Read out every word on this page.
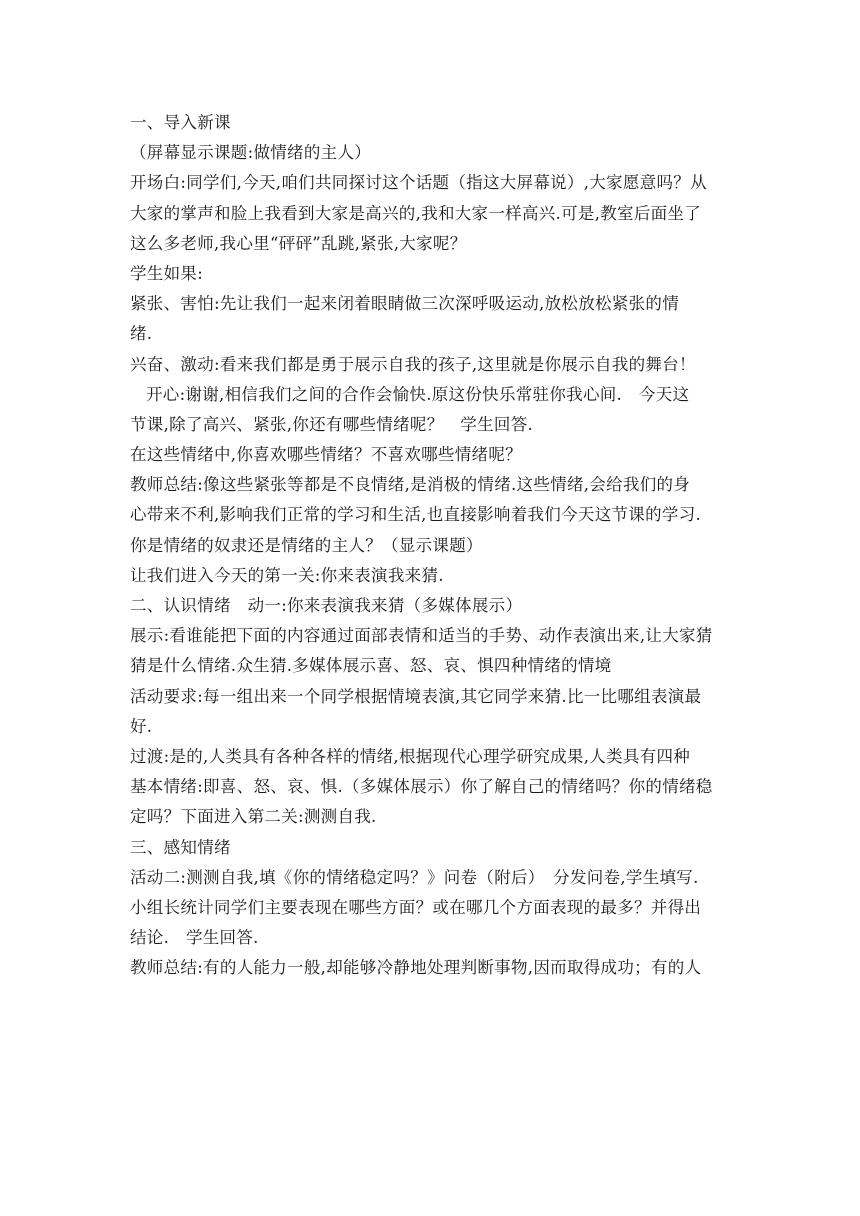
一、导入新课
（屏幕显示课题:做情绪的主人）
开场白:同学们,今天,咱们共同探讨这个话题（指这大屏幕说）,大家愿意吗？从
大家的掌声和脸上我看到大家是高兴的,我和大家一样高兴.可是,教室后面坐了
这么多老师,我心里“砰砰”乱跳,紧张,大家呢？
学生如果:
紧张、害怕:先让我们一起来闭着眼睛做三次深呼吸运动,放松放松紧张的情
绪.
兴奋、激动:看来我们都是勇于展示自我的孩子,这里就是你展示自我的舞台！
开心:谢谢,相信我们之间的合作会愉快.原这份快乐常驻你我心间.　今天这
节课,除了高兴、紧张,你还有哪些情绪呢？　学生回答.
在这些情绪中,你喜欢哪些情绪？不喜欢哪些情绪呢？
教师总结:像这些紧张等都是不良情绪,是消极的情绪.这些情绪,会给我们的身
心带来不利,影响我们正常的学习和生活,也直接影响着我们今天这节课的学习.
你是情绪的奴隶还是情绪的主人？（显示课题）
让我们进入今天的第一关:你来表演我来猜.
二、认识情绪　动一:你来表演我来猜（多媒体展示）
展示:看谁能把下面的内容通过面部表情和适当的手势、动作表演出来,让大家猜
猜是什么情绪.众生猜.多媒体展示喜、怒、哀、惧四种情绪的情境
活动要求:每一组出来一个同学根据情境表演,其它同学来猜.比一比哪组表演最
好.
过渡:是的,人类具有各种各样的情绪,根据现代心理学研究成果,人类具有四种
基本情绪:即喜、怒、哀、惧.（多媒体展示）你了解自己的情绪吗？你的情绪稳
定吗？下面进入第二关:测测自我.
三、感知情绪
活动二:测测自我,填《你的情绪稳定吗？》问卷（附后）　分发问卷,学生填写.
小组长统计同学们主要表现在哪些方面？或在哪几个方面表现的最多？并得出
结论.　学生回答.
教师总结:有的人能力一般,却能够冷静地处理判断事物,因而取得成功；有的人
